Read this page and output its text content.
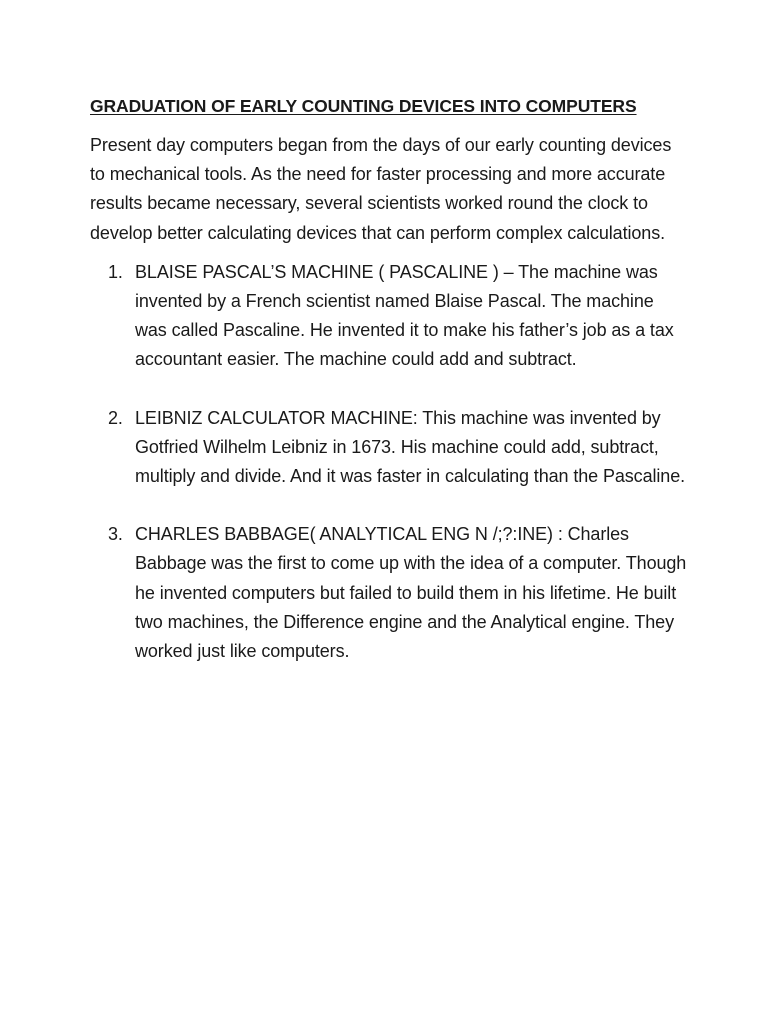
GRADUATION OF EARLY COUNTING DEVICES INTO COMPUTERS

Present day computers began from the days of our early counting devices to mechanical tools. As the need for faster processing and more accurate results became necessary, several scientists worked round the clock to develop better calculating devices that can perform complex calculations.

1. BLAISE PASCAL’S MACHINE ( PASCALINE ) – The machine was invented by a French scientist named Blaise Pascal. The machine was called Pascaline. He invented it to make his father’s job as a tax accountant easier. The machine could add and subtract.
2. LEIBNIZ CALCULATOR MACHINE: This machine was invented by Gotfried Wilhelm Leibniz in 1673. His machine could add, subtract, multiply and divide. And it was faster in calculating than the Pascaline.
3. CHARLES BABBAGE( ANALYTICAL ENG N /;?:INE) : Charles Babbage was the first to come up with the idea of a computer. Though he invented computers but failed to build them in his lifetime. He built two machines, the Difference engine and the Analytical engine. They worked just like computers.
